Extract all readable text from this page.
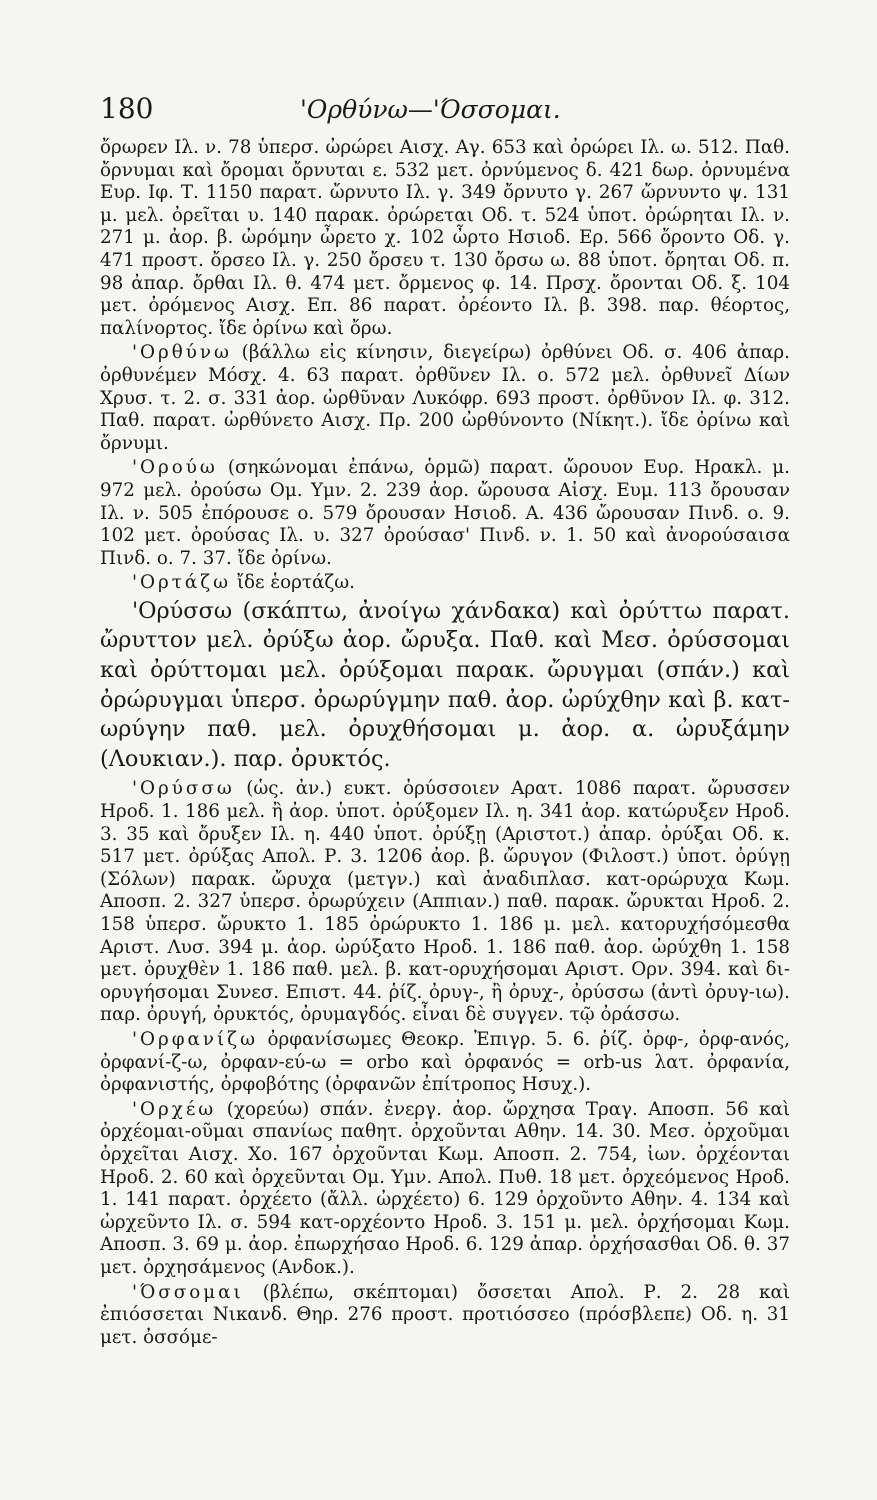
180	'Ορθύνω—'Όσσομαι.

ὄρωρεν Ιλ. ν. 78 ὑπερσ. ὠρώρει Αισχ. Αγ. 653 καὶ ὀρώρει Ιλ. ω. 512. Παθ. ὄρνυμαι καὶ ὄρομαι ὄρνυται ε. 532 μετ. ὀρνύμενος δ. 421 δωρ. ὀρνυμένα Ευρ. Ιφ. Τ. 1150 παρατ. ὤρνυτο Ιλ. γ. 349 ὄρνυτο γ. 267 ὤρνυντο ψ. 131 μ. μελ. ὀρεῖται υ. 140 παρακ. ὀρώρεται Οδ. τ. 524 ὑποτ. ὀρώρηται Ιλ. ν. 271 μ. ἀορ. β. ὠρόμην ὦρετο χ. 102 ὦρτο Ησιοδ. Ερ. 566 ὄροντο Οδ. γ. 471 προστ. ὄρσεο Ιλ. γ. 250 ὄρσευ τ. 130 ὄρσω ω. 88 ὑποτ. ὄρηται Οδ. π. 98 ἀπαρ. ὄρθαι Ιλ. θ. 474 μετ. ὄρμενος φ. 14. Πρσχ. ὄρονται Οδ. ξ. 104 μετ. ὀρόμενος Αισχ. Επ. 86 παρατ. ὀρέοντο Ιλ. β. 398. παρ. θέορτος, παλίνορτος. ἴδε ὀρίνω καὶ ὄρω.

'Ορθύνω (βάλλω εἰς κίνησιν, διεγείρω) ὀρθύνει Οδ. σ. 406 ἀπαρ. ὀρθυνέμεν Μόσχ. 4. 63 παρατ. ὀρθῦνεν Ιλ. ο. 572 μελ. ὀρθυνεῖ Δίων Χρυσ. τ. 2. σ. 331 ἀορ. ὠρθῦναν Λυκόφρ. 693 προστ. ὀρθῦνον Ιλ. φ. 312. Παθ. παρατ. ὠρθύνετο Αισχ. Πρ. 200 ὠρθύνοντο (Νίκητ.). ἴδε ὀρίνω καὶ ὄρνυμι.

'Ορούω (σηκώνομαι ἐπάνω, ὁρμῶ) παρατ. ὤρουον Ευρ. Ηρακλ. μ. 972 μελ. ὀρούσω Ομ. Υμν. 2. 239 ἀορ. ὤρουσα Αἰσχ. Ευμ. 113 ὄρουσαν Ιλ. ν. 505 ἐπόρουσε ο. 579 ὄρουσαν Ησιοδ. Α. 436 ὤρουσαν Πινδ. ο. 9. 102 μετ. ὀρούσας Ιλ. υ. 327 ὀρούσασ' Πινδ. ν. 1. 50 καὶ ἀνορούσαισα Πινδ. ο. 7. 37. ἴδε ὀρίνω.

'Ορτάζω ἴδε ἑορτάζω.

'Ορύσσω (σκάπτω, ἀνοίγω χάνδακα) καὶ ὀρύττω παρατ. ὤρυττον μελ. ὀρύξω ἀορ. ὤρυξα. Παθ. καὶ Μεσ. ὀρύσσομαι καὶ ὀρύττομαι μελ. ὀρύξομαι παρακ. ὤρυγμαι (σπάν.) καὶ ὀρώρυγμαι ὑπερσ. ὀρωρύγμην παθ. ἀορ. ὠρύχθην καὶ β. κατ-ωρύγην παθ. μελ. ὀρυχθήσομαι μ. ἀορ. α. ὠρυξάμην (Λουκιαν.). παρ. ὀρυκτός.

'Ορύσσω (ὡς. ἀν.) ευκτ. ὀρύσσοιεν Αρατ. 1086 παρατ. ὤρυσσεν Ηροδ. 1. 186 μελ. ἢ ἀορ. ὑποτ. ὀρύξομεν Ιλ. η. 341 ἀορ. κατώρυξεν Ηροδ. 3. 35 καὶ ὄρυξεν Ιλ. η. 440 ὑποτ. ὀρύξῃ (Αριστοτ.) ἀπαρ. ὀρύξαι Οδ. κ. 517 μετ. ὀρύξας Απολ. Ρ. 3. 1206 ἀορ. β. ὤρυγον (Φιλοστ.) ὑποτ. ὀρύγῃ (Σόλων) παρακ. ὤρυχα (μετγν.) καὶ ἀναδιπλασ. κατ-ορώρυχα Κωμ. Αποσπ. 2. 327 ὑπερσ. ὀρωρύχειν (Αππιαν.) παθ. παρακ. ὤρυκται Ηροδ. 2. 158 ὑπερσ. ὤρυκτο 1. 185 ὀρώρυκτο 1. 186 μ. μελ. κατορυχήσόμεσθα Αριστ. Λυσ. 394 μ. ἀορ. ὠρύξατο Ηροδ. 1. 186 παθ. ἀορ. ὠρύχθη 1. 158 μετ. ὀρυχθὲν 1. 186 παθ. μελ. β. κατ-ορυχήσομαι Αριστ. Ορν. 394. καὶ δι-ορυγήσομαι Συνεσ. Επιστ. 44. ῥίζ. ὀρυγ-, ἢ ὀρυχ-, ὀρύσσω (ἀντὶ ὀρυγ-ιω). παρ. ὀρυγή, ὀρυκτός, ὀρυμαγδός. εἶναι δὲ συγγεν. τῷ ὀράσσω.

'Ορφανίζω ὀρφανίσωμες Θεοκρ. Ἐπιγρ. 5. 6. ῥίζ. ὀρφ-, ὀρφ-ανός, ὀρφανί-ζ-ω, ὀρφαν-εύ-ω = orbo καὶ ὀρφανός = orb-us λατ. ὀρφανία, ὀρφανιστής, ὀρφοβότης (ὀρφανῶν ἐπίτροπος Ησυχ.).

'Ορχέω (χορεύω) σπάν. ἐνεργ. ἀορ. ὤρχησα Τραγ. Αποσπ. 56 καὶ ὀρχέομαι-οῦμαι σπανίως παθητ. ὀρχοῦνται Αθην. 14. 30. Μεσ. ὀρχοῦμαι ὀρχεῖται Αισχ. Χο. 167 ὀρχοῦνται Κωμ. Αποσπ. 2. 754, ἰων. ὀρχέονται Ηροδ. 2. 60 καὶ ὀρχεῦνται Ομ. Υμν. Απολ. Πυθ. 18 μετ. ὀρχεόμενος Ηροδ. 1. 141 παρατ. ὀρχέετο (ἄλλ. ὠρχέετο) 6. 129 ὀρχοῦντο Αθην. 4. 134 καὶ ὠρχεῦντο Ιλ. σ. 594 κατ-ορχέοντο Ηροδ. 3. 151 μ. μελ. ὀρχήσομαι Κωμ. Αποσπ. 3. 69 μ. ἀορ. ἐπωρχήσαο Ηροδ. 6. 129 ἀπαρ. ὀρχήσασθαι Οδ. θ. 37 μετ. ὀρχησάμενος (Ανδοκ.).

'Όσσομαι (βλέπω, σκέπτομαι) ὄσσεται Απολ. Ρ. 2. 28 καὶ ἐπιόσσεται Νικανδ. Θηρ. 276 προστ. προτιόσσεο (πρόσβλεπε) Οδ. η. 31 μετ. ὀσσόμε-
